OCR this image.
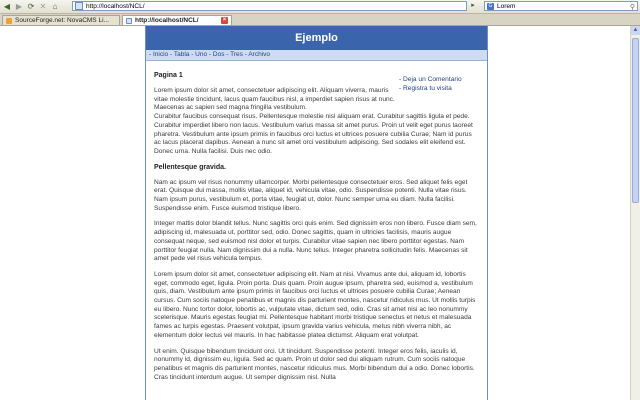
◀ ▶ ⟳ ✕ ⌂	http://localhost/NCL/	▸	G Lorem	⚲
SourceForge.net: NovaCMS Li...	http://localhost/NCL/	×
Ejemplo
- Inicio - Tabla - Uno - Dos - Tres - Archivo
- Deja un Comentario
- Registra tu visita
Pagina 1

Lorem ipsum dolor sit amet, consectetuer adipiscing elit. Aliquam viverra, mauris vitae molestie tincidunt, lacus quam faucibus nisl, a imperdiet sapien risus at nunc. Maecenas ac sapien sed magna fringilla vestibulum.

Curabitur faucibus consequat risus. Pellentesque molestie nisl aliquam erat. Curabitur sagittis ligula et pede. Curabitur imperdiet libero non lacus. Vestibulum varius massa sit amet purus. Proin ut velit eget purus laoreet pharetra. Vestibulum ante ipsum primis in faucibus orci luctus et ultrices posuere cubilia Curae; Nam id purus ac lacus placerat dapibus. Aenean a nunc sit amet orci vestibulum adipiscing. Sed sodales elit eleifend est. Donec urna. Nulla facilisi. Duis nec odio.

Pellentesque gravida.

Nam ac ipsum vel risus nonummy ullamcorper. Morbi pellentesque consectetuer eros. Sed aliquet felis eget erat. Quisque dui massa, mollis vitae, aliquet id, vehicula vitae, odio. Suspendisse potenti. Nulla vitae risus. Nam ipsum purus, vestibulum et, porta vitae, feugiat ut, dolor. Nunc semper urna eu diam. Nulla facilisi. Suspendisse enim. Fusce euismod tristique libero.

Integer mattis dolor blandit tellus. Nunc sagittis orci quis enim. Sed dignissim eros non libero. Fusce diam sem, adipiscing id, malesuada ut, porttitor sed, odio. Donec sagittis, quam in ultricies facilisis, mauris augue consequat neque, sed euismod nisl dolor et turpis. Curabitur vitae sapien nec libero porttitor egestas. Nam porttitor feugiat nulla. Nam dignissim dui a nulla. Nunc tellus. Integer pharetra sollicitudin felis. Maecenas sit amet pede vel risus vehicula tempus.

Lorem ipsum dolor sit amet, consectetuer adipiscing elit. Nam at nisi. Vivamus ante dui, aliquam id, lobortis eget, commodo eget, ligula. Proin porta. Duis quam. Proin augue ipsum, pharetra sed, euismod a, vestibulum quis, diam. Vestibulum ante ipsum primis in faucibus orci luctus et ultrices posuere cubilia Curae; Aenean cursus. Cum sociis natoque penatibus et magnis dis parturient montes, nascetur ridiculus mus. Ut mollis turpis eu libero. Nunc tortor dolor, lobortis ac, vulputate vitae, dictum sed, odio. Cras sit amet nisi ac leo nonummy scelerisque. Mauris egestas feugiat mi. Pellentesque habitant morbi tristique senectus et netus et malesuada fames ac turpis egestas. Praesent volutpat, ipsum gravida varius vehicula, metus nibh viverra nibh, ac elementum dolor lectus vel mauris. In hac habitasse platea dictumst. Aliquam erat volutpat.

Ut enim. Quisque bibendum tincidunt orci. Ut tincidunt. Suspendisse potenti. Integer eros felis, iaculis id, nonummy id, dignissim eu, ligula. Sed ac quam. Proin ut dolor sed dui aliquam rutrum. Cum sociis natoque penatibus et magnis dis parturient montes, nascetur ridiculus mus. Morbi bibendum dui a odio. Donec lobortis. Cras tincidunt interdum augue. Ut semper dignissim nisl. Nulla

▲
